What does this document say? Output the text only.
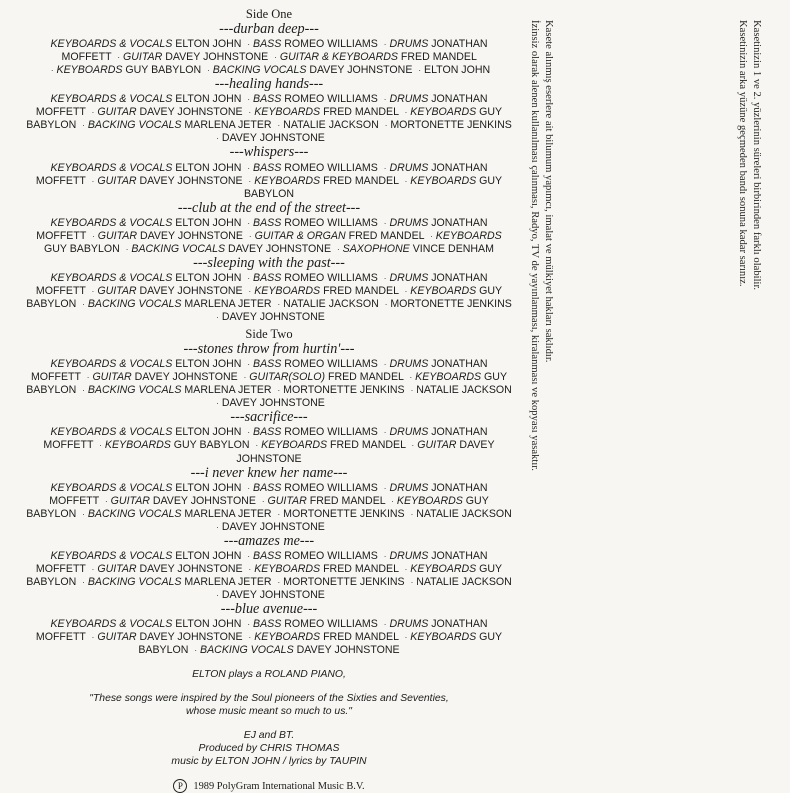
Side One
---durban deep---
KEYBOARDS & VOCALS ELTON JOHN · BASS ROMEO WILLIAMS · DRUMS JONATHAN MOFFETT · GUITAR DAVEY JOHNSTONE · GUITAR & KEYBOARDS FRED MANDEL · KEYBOARDS GUY BABYLON · BACKING VOCALS DAVEY JOHNSTONE · ELTON JOHN
---healing hands---
KEYBOARDS & VOCALS ELTON JOHN · BASS ROMEO WILLIAMS · DRUMS JONATHAN MOFFETT · GUITAR DAVEY JOHNSTONE · KEYBOARDS FRED MANDEL · KEYBOARDS GUY BABYLON · BACKING VOCALS MARLENA JETER · NATALIE JACKSON · MORTONETTE JENKINS · DAVEY JOHNSTONE
---whispers---
KEYBOARDS & VOCALS ELTON JOHN · BASS ROMEO WILLIAMS · DRUMS JONATHAN MOFFETT · GUITAR DAVEY JOHNSTONE · KEYBOARDS FRED MANDEL · KEYBOARDS GUY BABYLON
---club at the end of the street---
KEYBOARDS & VOCALS ELTON JOHN · BASS ROMEO WILLIAMS · DRUMS JONATHAN MOFFETT · GUITAR DAVEY JOHNSTONE · GUITAR & ORGAN FRED MANDEL · KEYBOARDS GUY BABYLON · BACKING VOCALS DAVEY JOHNSTONE · SAXOPHONE VINCE DENHAM
---sleeping with the past---
KEYBOARDS & VOCALS ELTON JOHN · BASS ROMEO WILLIAMS · DRUMS JONATHAN MOFFETT · GUITAR DAVEY JOHNSTONE · KEYBOARDS FRED MANDEL · KEYBOARDS GUY BABYLON · BACKING VOCALS MARLENA JETER · NATALIE JACKSON · MORTONETTE JENKINS · DAVEY JOHNSTONE
Side Two
---stones throw from hurtin'---
KEYBOARDS & VOCALS ELTON JOHN · BASS ROMEO WILLIAMS · DRUMS JONATHAN MOFFETT · GUITAR DAVEY JOHNSTONE · GUITAR(SOLO) FRED MANDEL · KEYBOARDS GUY BABYLON · BACKING VOCALS MARLENA JETER · MORTONETTE JENKINS · NATALIE JACKSON · DAVEY JOHNSTONE
---sacrifice---
KEYBOARDS & VOCALS ELTON JOHN · BASS ROMEO WILLIAMS · DRUMS JONATHAN MOFFETT · KEYBOARDS GUY BABYLON · KEYBOARDS FRED MANDEL · GUITAR DAVEY JOHNSTONE
---i never knew her name---
KEYBOARDS & VOCALS ELTON JOHN · BASS ROMEO WILLIAMS · DRUMS JONATHAN MOFFETT · GUITAR DAVEY JOHNSTONE · GUITAR FRED MANDEL · KEYBOARDS GUY BABYLON · BACKING VOCALS MARLENA JETER · MORTONETTE JENKINS · NATALIE JACKSON · DAVEY JOHNSTONE
---amazes me---
KEYBOARDS & VOCALS ELTON JOHN · BASS ROMEO WILLIAMS · DRUMS JONATHAN MOFFETT · GUITAR DAVEY JOHNSTONE · KEYBOARDS FRED MANDEL · KEYBOARDS GUY BABYLON · BACKING VOCALS MARLENA JETER · MORTONETTE JENKINS · NATALIE JACKSON · DAVEY JOHNSTONE
---blue avenue---
KEYBOARDS & VOCALS ELTON JOHN · BASS ROMEO WILLIAMS · DRUMS JONATHAN MOFFETT · GUITAR DAVEY JOHNSTONE · KEYBOARDS FRED MANDEL · KEYBOARDS GUY BABYLON · BACKING VOCALS DAVEY JOHNSTONE
ELTON plays a ROLAND PIANO,
"These songs were inspired by the Soul pioneers of the Sixties and Seventies, whose music meant so much to us."
EJ and BT.
Produced by CHRIS THOMAS
music by ELTON JOHN / lyrics by TAUPIN
P 1989 PolyGram International Music B.V.
Kasete alınmış eserlere ait bilumum yapımcı, imalat ve mülkiyet hakları saklıdır.
İzinsiz olarak alenen kullanılması çalınması, Radyo, TV de yayınlanması, kiralanması ve kopyası yasaktır.
Kasetinizin 1 ve 2. yüzlerinin süreleri birbirinden farklı olabilir.
Kasetinizin arka yüzüne geçmeden bandı sonuna kadar sarınız.
